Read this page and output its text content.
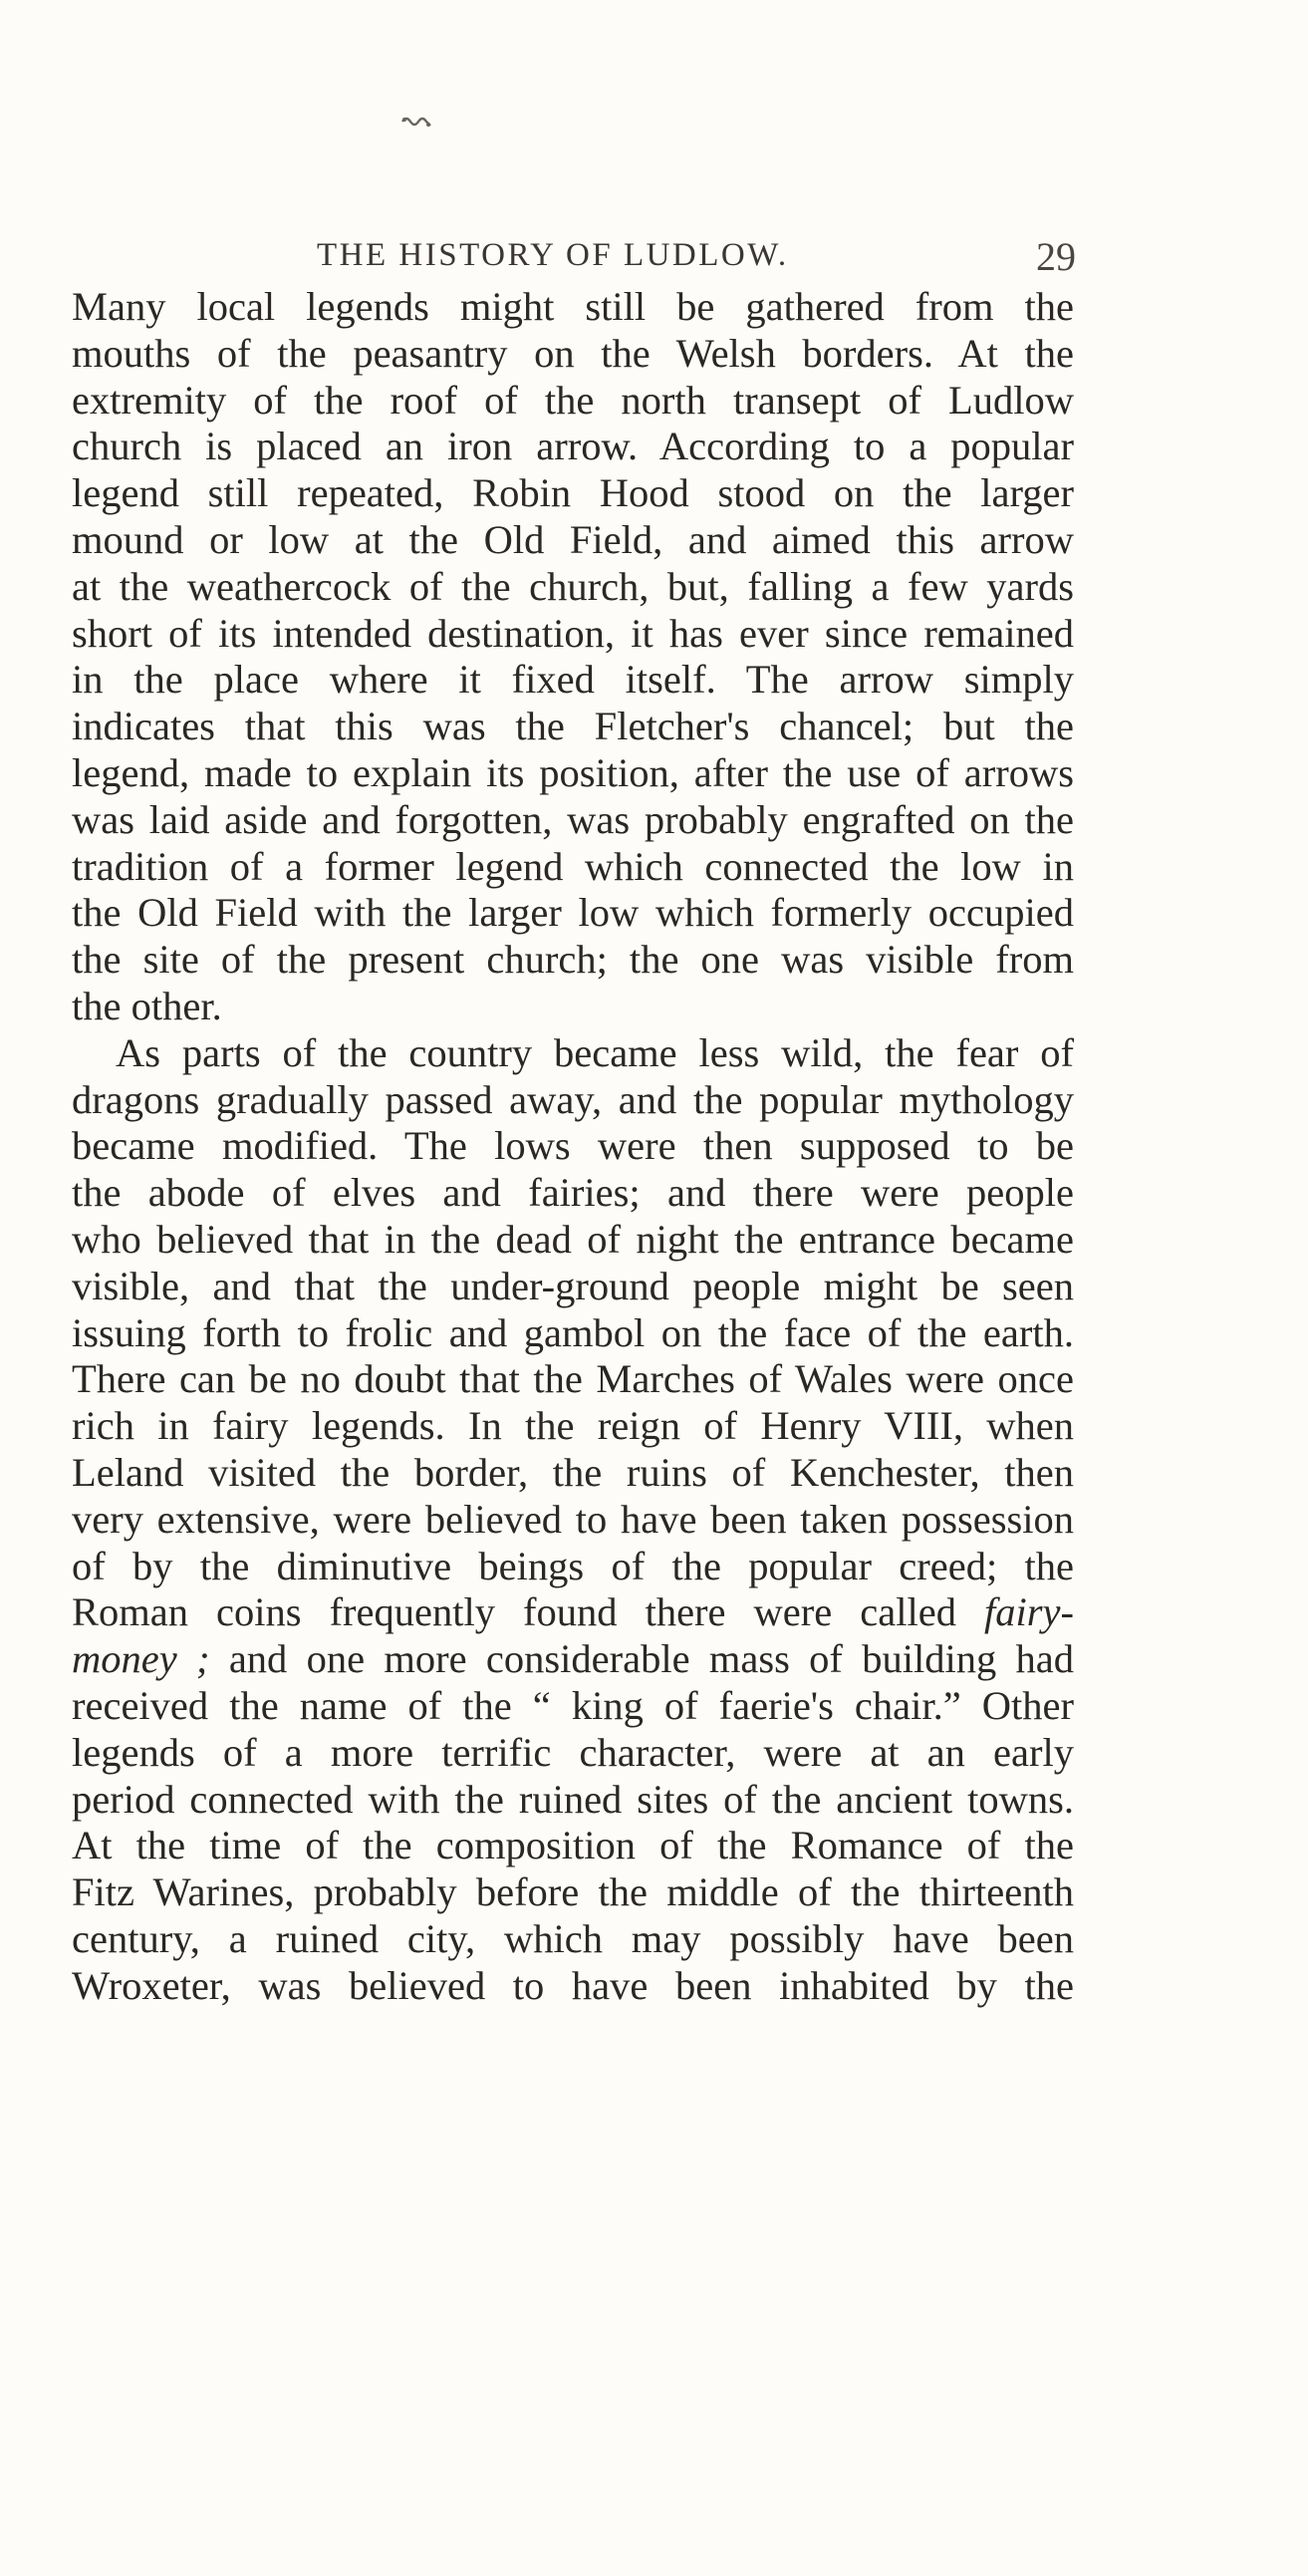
THE HISTORY OF LUDLOW.	29
Many local legends might still be gathered from the
mouths of the peasantry on the Welsh borders. At the
extremity of the roof of the north transept of Ludlow
church is placed an iron arrow. According to a popular
legend still repeated, Robin Hood stood on the larger
mound or low at the Old Field, and aimed this arrow
at the weathercock of the church, but, falling a few yards
short of its intended destination, it has ever since remained
in the place where it fixed itself. The arrow simply
indicates that this was the Fletcher's chancel; but the
legend, made to explain its position, after the use of arrows
was laid aside and forgotten, was probably engrafted on the
tradition of a former legend which connected the low in
the Old Field with the larger low which formerly occupied
the site of the present church; the one was visible from
the other.
As parts of the country became less wild, the fear of
dragons gradually passed away, and the popular mythology
became modified. The lows were then supposed to be
the abode of elves and fairies; and there were people
who believed that in the dead of night the entrance became
visible, and that the under-ground people might be seen
issuing forth to frolic and gambol on the face of the earth.
There can be no doubt that the Marches of Wales were once
rich in fairy legends. In the reign of Henry VIII, when
Leland visited the border, the ruins of Kenchester, then
very extensive, were believed to have been taken possession
of by the diminutive beings of the popular creed; the
Roman coins frequently found there were called fairy-
money ; and one more considerable mass of building had
received the name of the “ king of faerie's chair.” Other
legends of a more terrific character, were at an early
period connected with the ruined sites of the ancient towns.
At the time of the composition of the Romance of the
Fitz Warines, probably before the middle of the thirteenth
century, a ruined city, which may possibly have been
Wroxeter, was believed to have been inhabited by the
